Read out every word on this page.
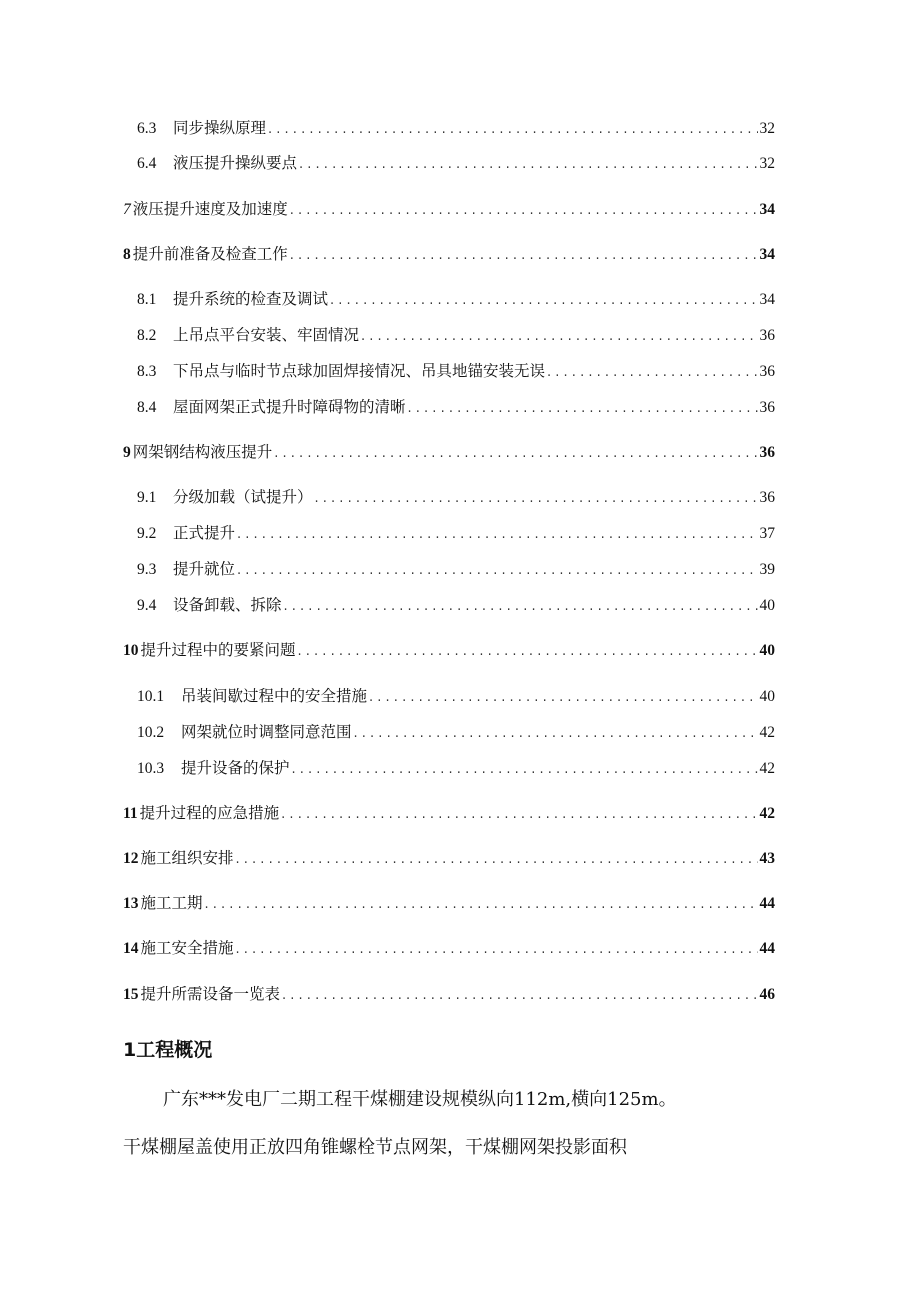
6.3	同步操纵原理 . . .	32
6.4	液压提升操纵要点 . . .	32
7 液压提升速度及加速度 . . .	34
8 提升前准备及检查工作 . . .	34
8.1	提升系统的检查及调试 . . .	34
8.2	上吊点平台安装、牢固情况 . . .	36
8.3	下吊点与临时节点球加固焊接情况、吊具地锚安装无误 . . .	36
8.4	屋面网架正式提升时障碍物的清晰 . . .	36
9 网架钢结构液压提升 . . .	36
9.1	分级加载（试提升） . . .	36
9.2	正式提升 . . .	37
9.3	提升就位 . . .	39
9.4	设备卸载、拆除 . . .	40
10 提升过程中的要紧问题 . . .	40
10.1	吊装间歇过程中的安全措施 . . .	40
10.2	网架就位时调整同意范围 . . .	42
10.3	提升设备的保护 . . .	42
11 提升过程的应急措施 . . .	42
12 施工组织安排 . . .	43
13 施工工期 . . .	44
14 施工安全措施 . . .	44
15 提升所需设备一览表 . . .	46
1工程概况
广东***发电厂二期工程干煤棚建设规模纵向112m,横向125m。
干煤棚屋盖使用正放四角锥螺栓节点网架，干煤棚网架投影面积
